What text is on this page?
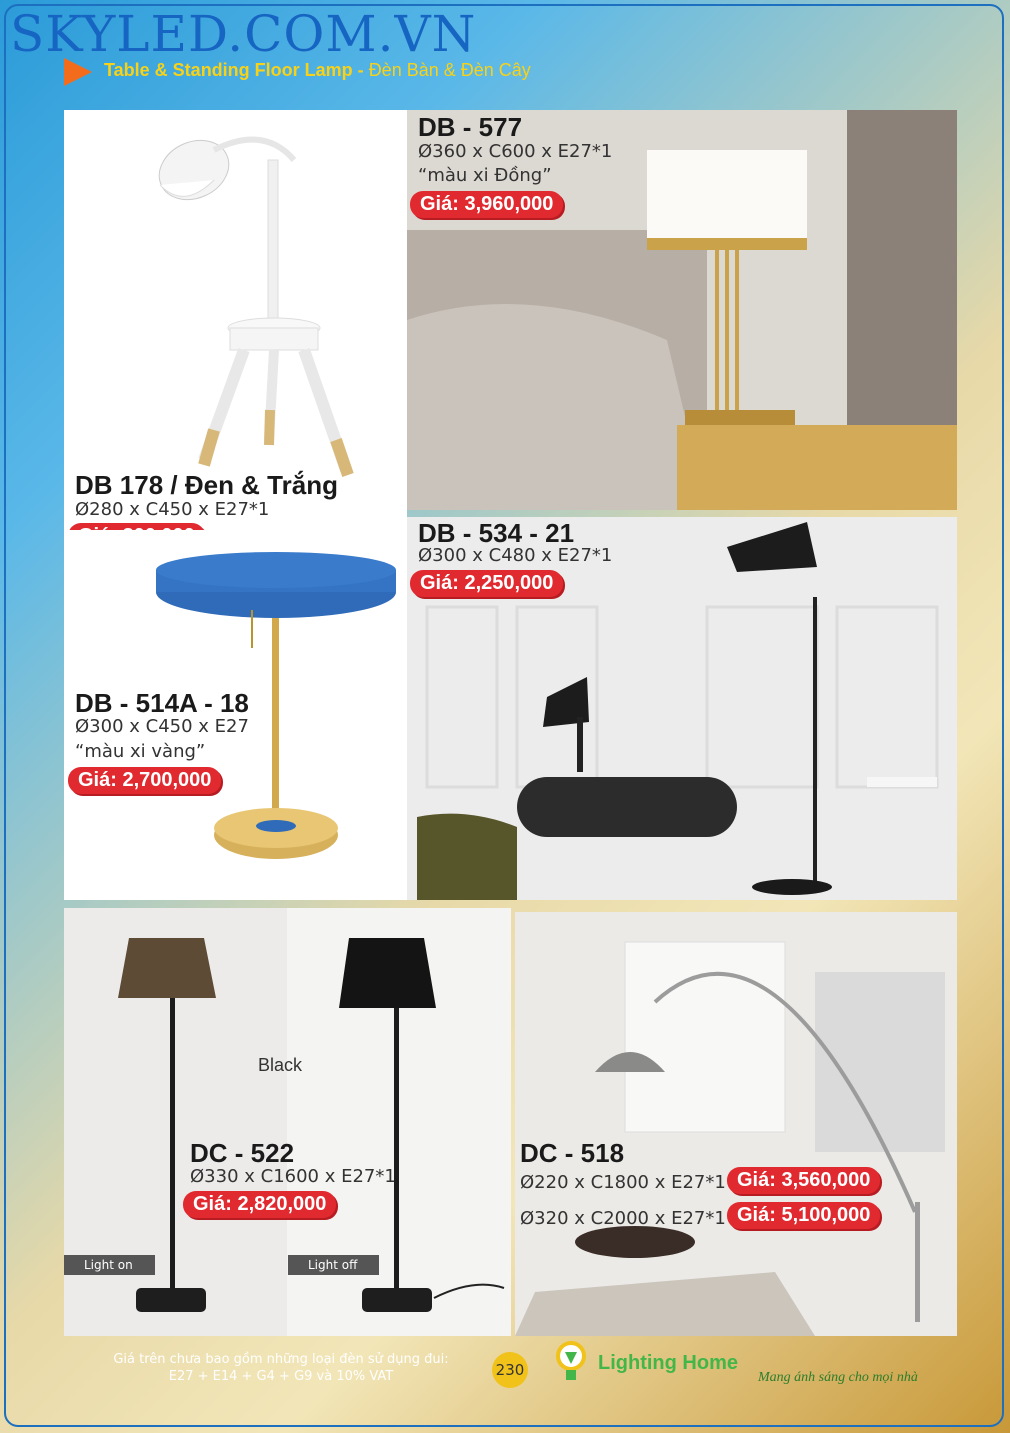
SKYLED.COM.VN
Table & Standing Floor Lamp - Đèn Bàn & Đèn Cây
DB 178 / Đen & Trắng
Ø280 x C450 x E27*1
DB - 577
Ø360 x C600 x E27*1
“màu xi Đồng”
Giá: 3,960,000
DB - 514A - 18
Ø300 x C450 x E27
“màu xi vàng”
Giá: 2,700,000
DB - 534 - 21
Ø300 x C480 x E27*1
Giá: 2,250,000
Black
Light on	Light off
DC - 522
Ø330 x C1600 x E27*1
Giá: 2,820,000
DC - 518
Ø220 x C1800 x E27*1 Giá: 3,560,000
Ø320 x C2000 x E27*1 Giá: 5,100,000
Giá trên chưa bao gồm những loại đèn sử dụng đui:
E27 + E14 + G4 + G9 và 10% VAT	230	Lighting Home
Mang ánh sáng cho mọi nhà
